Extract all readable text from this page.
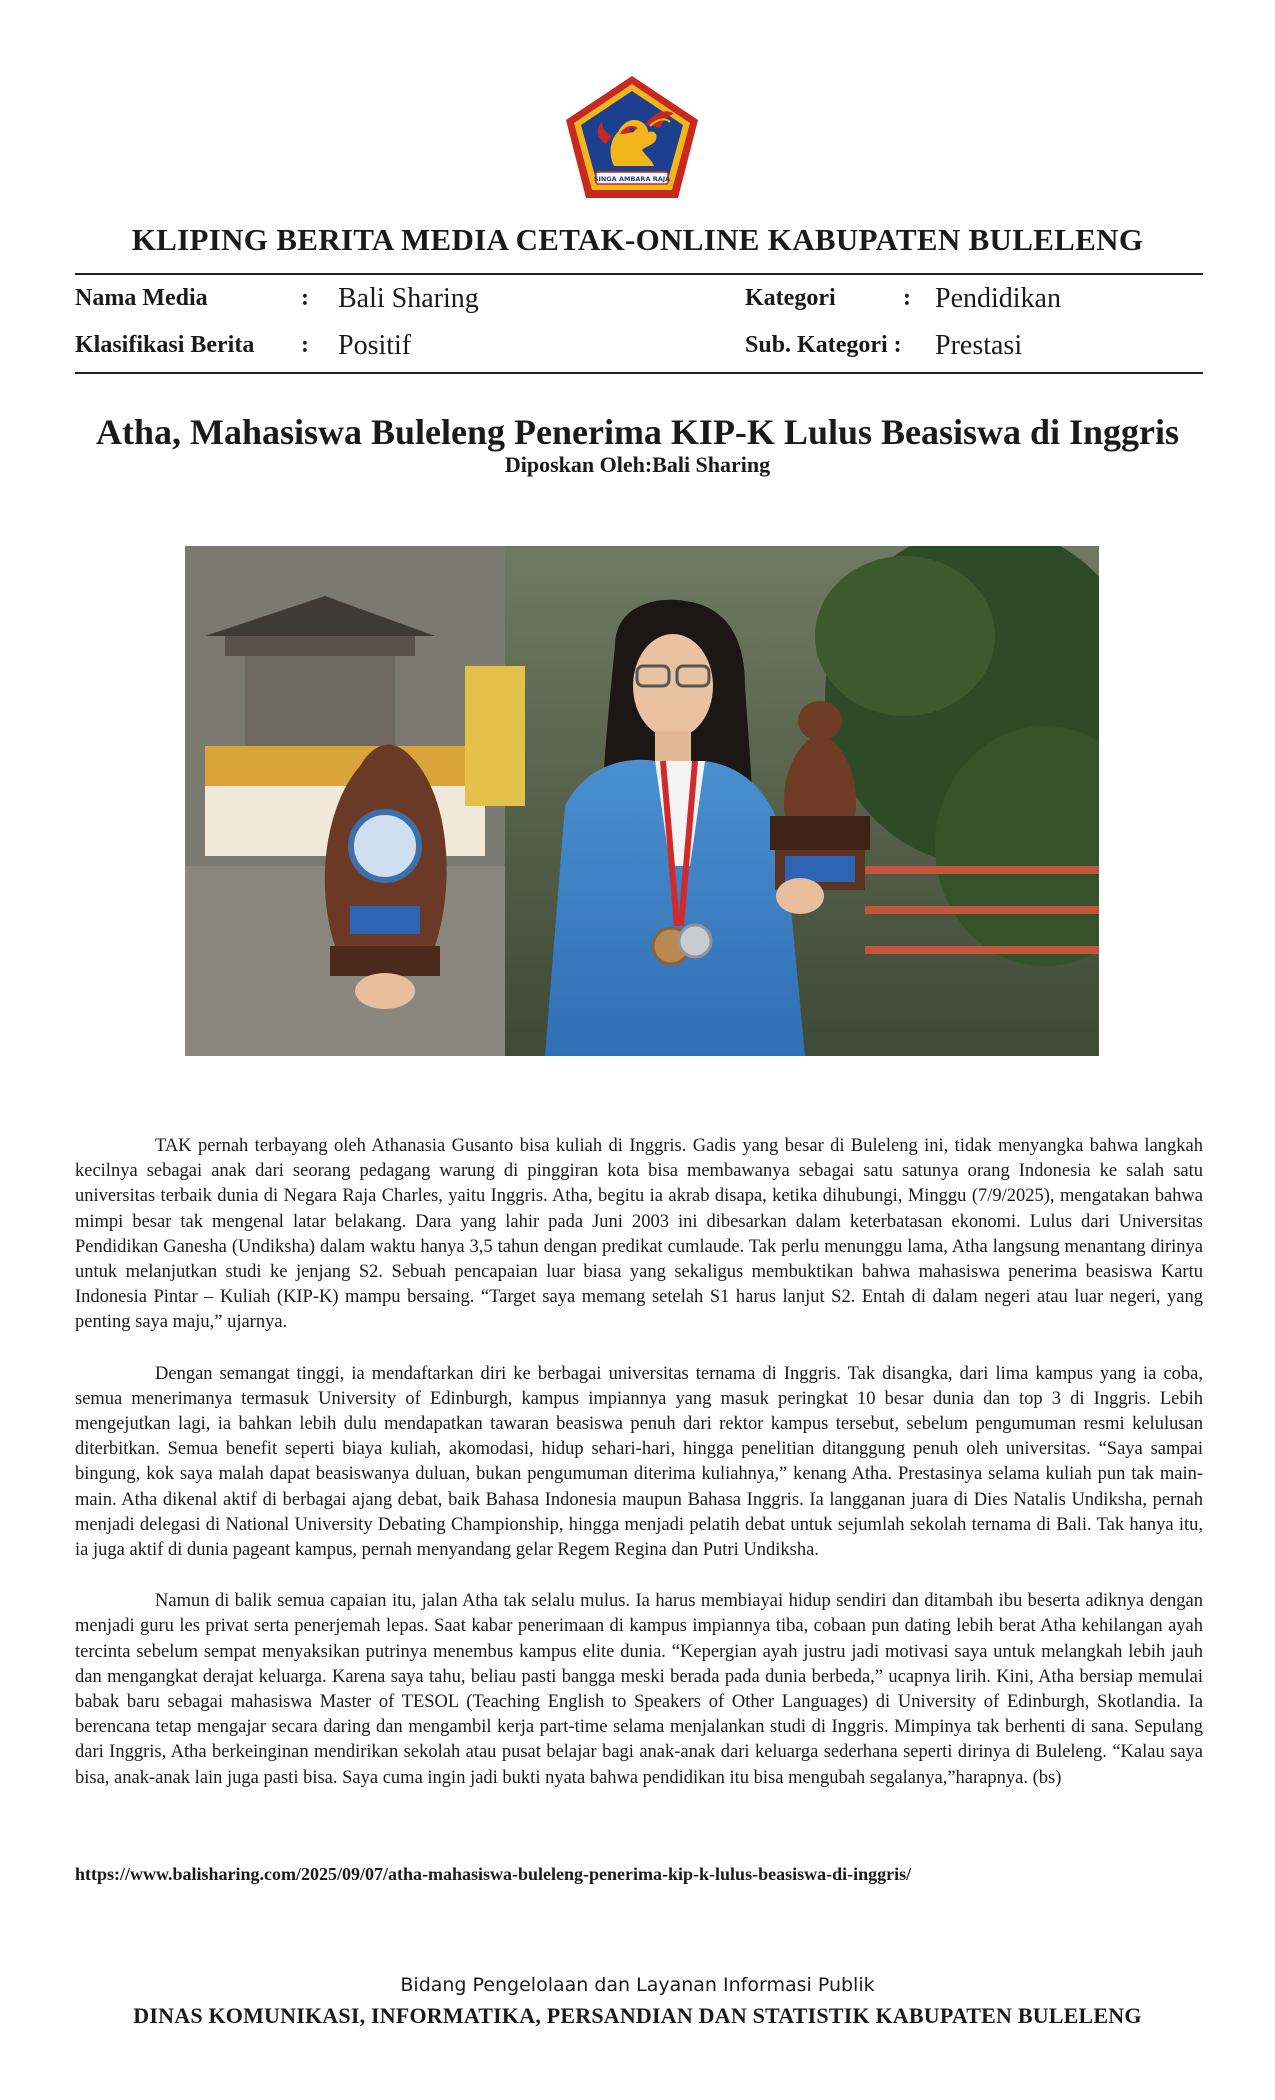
SINGA AMBARA RAJA
KLIPING BERITA MEDIA CETAK-ONLINE KABUPATEN BULELENG
Nama Media	: Bali Sharing
Klasifikasi Berita : Positif
Kategori	: Pendidikan
Sub. Kategori : Prestasi
Atha, Mahasiswa Buleleng Penerima KIP-K Lulus Beasiswa di Inggris
Diposkan Oleh:Bali Sharing

TAK pernah terbayang oleh Athanasia Gusanto bisa kuliah di Inggris. Gadis yang besar di Buleleng ini, tidak menyangka bahwa langkah kecilnya sebagai anak dari seorang pedagang warung di pinggiran kota bisa membawanya sebagai satu satunya orang Indonesia ke salah satu universitas terbaik dunia di Negara Raja Charles, yaitu Inggris. Atha, begitu ia akrab disapa, ketika dihubungi, Minggu (7/9/2025), mengatakan bahwa mimpi besar tak mengenal latar belakang. Dara yang lahir pada Juni 2003 ini dibesarkan dalam keterbatasan ekonomi. Lulus dari Universitas Pendidikan Ganesha (Undiksha) dalam waktu hanya 3,5 tahun dengan predikat cumlaude. Tak perlu menunggu lama, Atha langsung menantang dirinya untuk melanjutkan studi ke jenjang S2. Sebuah pencapaian luar biasa yang sekaligus membuktikan bahwa mahasiswa penerima beasiswa Kartu Indonesia Pintar – Kuliah (KIP-K) mampu bersaing. “Target saya memang setelah S1 harus lanjut S2. Entah di dalam negeri atau luar negeri, yang penting saya maju,” ujarnya.

Dengan semangat tinggi, ia mendaftarkan diri ke berbagai universitas ternama di Inggris. Tak disangka, dari lima kampus yang ia coba, semua menerimanya termasuk University of Edinburgh, kampus impiannya yang masuk peringkat 10 besar dunia dan top 3 di Inggris. Lebih mengejutkan lagi, ia bahkan lebih dulu mendapatkan tawaran beasiswa penuh dari rektor kampus tersebut, sebelum pengumuman resmi kelulusan diterbitkan. Semua benefit seperti biaya kuliah, akomodasi, hidup sehari-hari, hingga penelitian ditanggung penuh oleh universitas. “Saya sampai bingung, kok saya malah dapat beasiswanya duluan, bukan pengumuman diterima kuliahnya,” kenang Atha. Prestasinya selama kuliah pun tak main-main. Atha dikenal aktif di berbagai ajang debat, baik Bahasa Indonesia maupun Bahasa Inggris. Ia langganan juara di Dies Natalis Undiksha, pernah menjadi delegasi di National University Debating Championship, hingga menjadi pelatih debat untuk sejumlah sekolah ternama di Bali. Tak hanya itu, ia juga aktif di dunia pageant kampus, pernah menyandang gelar Regem Regina dan Putri Undiksha.

Namun di balik semua capaian itu, jalan Atha tak selalu mulus. Ia harus membiayai hidup sendiri dan ditambah ibu beserta adiknya dengan menjadi guru les privat serta penerjemah lepas. Saat kabar penerimaan di kampus impiannya tiba, cobaan pun dating lebih berat Atha kehilangan ayah tercinta sebelum sempat menyaksikan putrinya menembus kampus elite dunia. “Kepergian ayah justru jadi motivasi saya untuk melangkah lebih jauh dan mengangkat derajat keluarga. Karena saya tahu, beliau pasti bangga meski berada pada dunia berbeda,” ucapnya lirih. Kini, Atha bersiap memulai babak baru sebagai mahasiswa Master of TESOL (Teaching English to Speakers of Other Languages) di University of Edinburgh, Skotlandia. Ia berencana tetap mengajar secara daring dan mengambil kerja part-time selama menjalankan studi di Inggris. Mimpinya tak berhenti di sana. Sepulang dari Inggris, Atha berkeinginan mendirikan sekolah atau pusat belajar bagi anak-anak dari keluarga sederhana seperti dirinya di Buleleng. “Kalau saya bisa, anak-anak lain juga pasti bisa. Saya cuma ingin jadi bukti nyata bahwa pendidikan itu bisa mengubah segalanya,”harapnya. (bs)

https://www.balisharing.com/2025/09/07/atha-mahasiswa-buleleng-penerima-kip-k-lulus-beasiswa-di-inggris/
Bidang Pengelolaan dan Layanan Informasi Publik
DINAS KOMUNIKASI, INFORMATIKA, PERSANDIAN DAN STATISTIK KABUPATEN BULELENG
